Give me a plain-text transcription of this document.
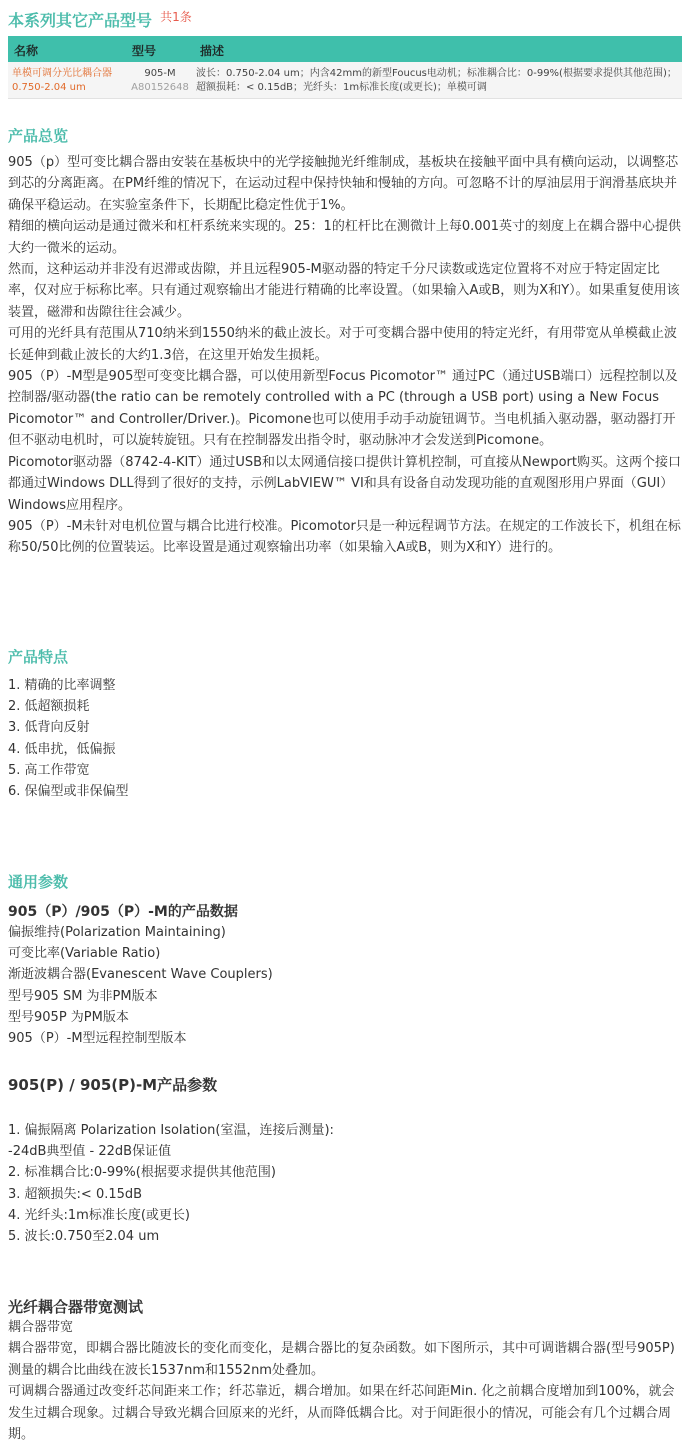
本系列其它产品型号 $^{共1条}$
名称	型号	描述
单模可调分光比耦合器
0.750-2.04 um
905-M
A80152648
波长：0.750-2.04 um；内含42mm的新型Foucus电动机；标准耦合比：0-99%(根据要求提供其他范围)；超额损耗：< 0.15dB；光纤头：1m标准长度(或更长)；单模可调
产品总览

905（p）型可变比耦合器由安装在基板块中的光学接触抛光纤维制成，基板块在接触平面中具有横向运动，以调整芯到芯的分离距离。在PM纤维的情况下，在运动过程中保持快轴和慢轴的方向。可忽略不计的厚油层用于润滑基底块并确保平稳运动。在实验室条件下，长期配比稳定性优于1%。

精细的横向运动是通过微米和杠杆系统来实现的。25：1的杠杆比在测微计上每0.001英寸的刻度上在耦合器中心提供大约一微米的运动。

然而，这种运动并非没有迟滞或齿隙，并且远程905-M驱动器的特定千分尺读数或选定位置将不对应于特定固定比率，仅对应于标称比率。只有通过观察输出才能进行精确的比率设置。（如果输入A或B，则为X和Y）。如果重复使用该装置，磁滞和齿隙往往会减少。

可用的光纤具有范围从710纳米到1550纳米的截止波长。对于可变耦合器中使用的特定光纤，有用带宽从单模截止波长延伸到截止波长的大约1.3倍，在这里开始发生损耗。

905（P）-M型是905型可变变比耦合器，可以使用新型Focus Picomotor™ 通过PC（通过USB端口）远程控制以及控制器/驱动器(the ratio can be remotely controlled with a PC (through a USB port) using a New Focus Picomotor™ and Controller/Driver.)。Picomone也可以使用手动手动旋钮调节。当电机插入驱动器，驱动器打开但不驱动电机时，可以旋转旋钮。只有在控制器发出指令时，驱动脉冲才会发送到Picomone。

Picomotor驱动器（8742-4-KIT）通过USB和以太网通信接口提供计算机控制，可直接从Newport购买。这两个接口都通过Windows DLL得到了很好的支持，示例LabVIEW™ VI和具有设备自动发现功能的直观图形用户界面（GUI）Windows应用程序。

905（P）-M未针对电机位置与耦合比进行校准。Picomotor只是一种远程调节方法。在规定的工作波长下，机组在标称50/50比例的位置装运。比率设置是通过观察输出功率（如果输入A或B，则为X和Y）进行的。

产品特点

1. 精确的比率调整

2. 低超额损耗

3. 低背向反射

4. 低串扰，低偏振

5. 高工作带宽

6. 保偏型或非保偏型

通用参数
905（P）/905（P）-M的产品数据

偏振维持(Polarization Maintaining)

可变比率(Variable Ratio)

渐逝波耦合器(Evanescent Wave Couplers)

型号905 SM 为非PM版本

型号905P 为PM版本

905（P）-M型远程控制型版本

905(P) / 905(P)-M产品参数

1. 偏振隔离 Polarization Isolation(室温，连接后测量):

-24dB典型值 - 22dB保证值

2. 标准耦合比:0-99%(根据要求提供其他范围)

3. 超额损失:< 0.15dB

4. 光纤头:1m标准长度(或更长)

5. 波长:0.750至2.04 um

光纤耦合器带宽测试

耦合器带宽

耦合器带宽，即耦合器比随波长的变化而变化，是耦合器比的复杂函数。如下图所示，其中可调谐耦合器(型号905P) 测量的耦合比曲线在波长1537nm和1552nm处叠加。

可调耦合器通过改变纤芯间距来工作；纤芯靠近，耦合增加。如果在纤芯间距Min. 化之前耦合度增加到100%，就会发生过耦合现象。过耦合导致光耦合回原来的光纤，从而降低耦合比。对于间距很小的情况，可能会有几个过耦合周期。
